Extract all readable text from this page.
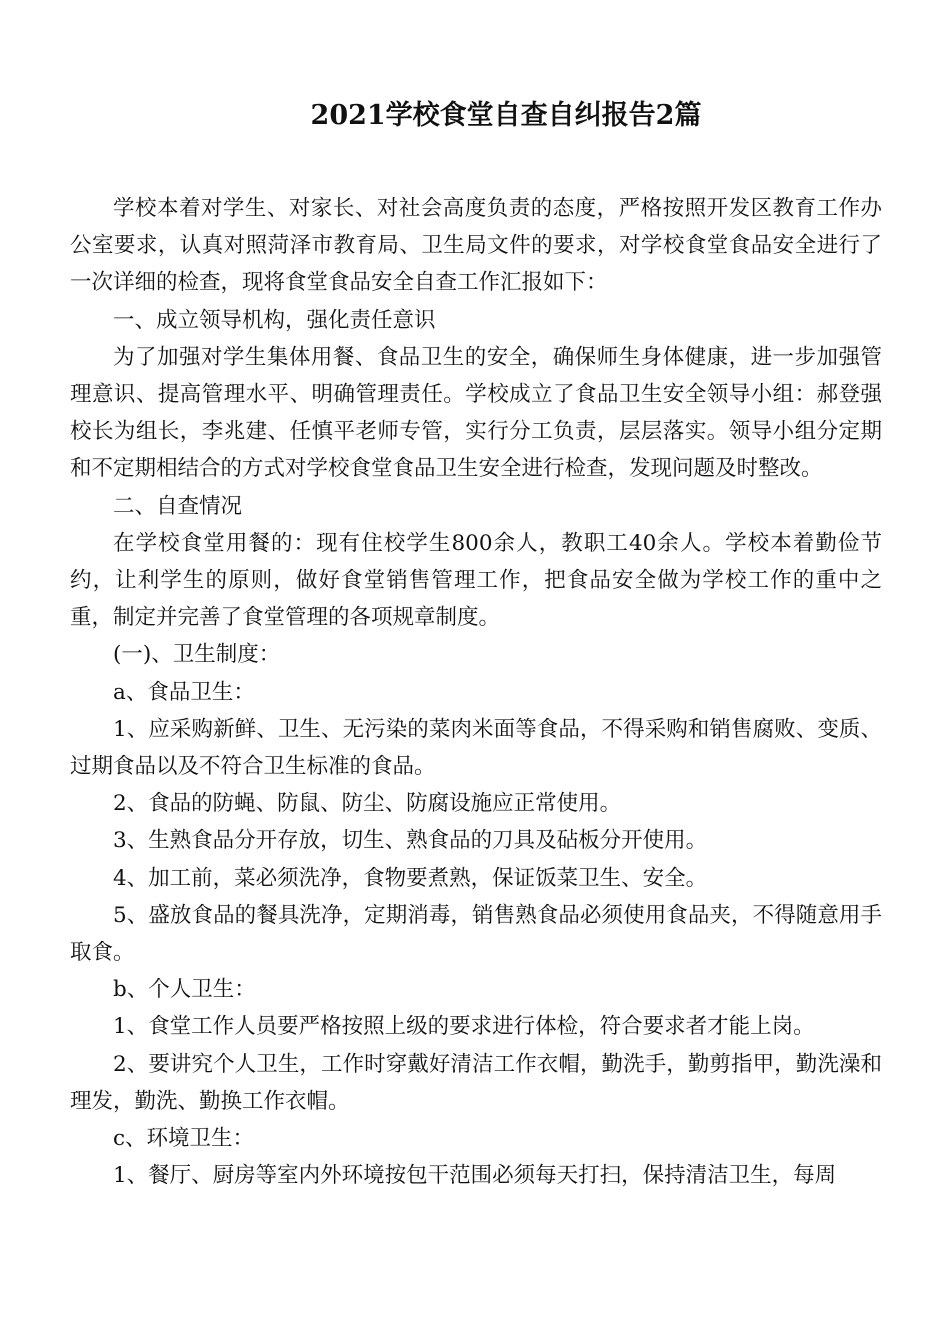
2021学校食堂自查自纠报告2篇

学校本着对学生、对家长、对社会高度负责的态度，严格按照开发区教育工作办公室要求，认真对照菏泽市教育局、卫生局文件的要求，对学校食堂食品安全进行了一次详细的检查，现将食堂食品安全自查工作汇报如下：

一、成立领导机构，强化责任意识

为了加强对学生集体用餐、食品卫生的安全，确保师生身体健康，进一步加强管理意识、提高管理水平、明确管理责任。学校成立了食品卫生安全领导小组：郝登强校长为组长，李兆建、任慎平老师专管，实行分工负责，层层落实。领导小组分定期和不定期相结合的方式对学校食堂食品卫生安全进行检查，发现问题及时整改。

二、自查情况

在学校食堂用餐的：现有住校学生800余人，教职工40余人。学校本着勤俭节约，让利学生的原则，做好食堂销售管理工作，把食品安全做为学校工作的重中之重，制定并完善了食堂管理的各项规章制度。

(一)、卫生制度：

a、食品卫生：

1、应采购新鲜、卫生、无污染的菜肉米面等食品，不得采购和销售腐败、变质、过期食品以及不符合卫生标准的食品。

2、食品的防蝇、防鼠、防尘、防腐设施应正常使用。

3、生熟食品分开存放，切生、熟食品的刀具及砧板分开使用。

4、加工前，菜必须洗净，食物要煮熟，保证饭菜卫生、安全。

5、盛放食品的餐具洗净，定期消毒，销售熟食品必须使用食品夹，不得随意用手取食。

b、个人卫生：

1、食堂工作人员要严格按照上级的要求进行体检，符合要求者才能上岗。

2、要讲究个人卫生，工作时穿戴好清洁工作衣帽，勤洗手，勤剪指甲，勤洗澡和理发，勤洗、勤换工作衣帽。

c、环境卫生：

1、餐厅、厨房等室内外环境按包干范围必须每天打扫，保持清洁卫生，每周
